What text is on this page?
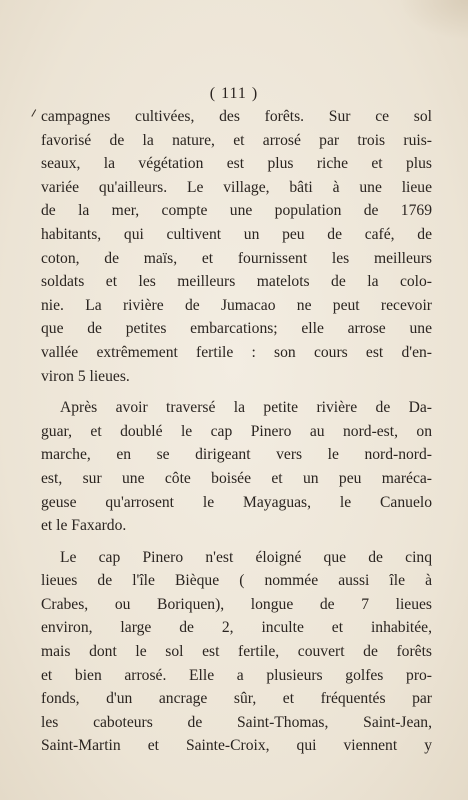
( 111 )
campagnes cultivées, des forêts. Sur ce sol
favorisé de la nature, et arrosé par trois ruis-
seaux, la végétation est plus riche et plus
variée qu'ailleurs. Le village, bâti à une lieue
de la mer, compte une population de 1769
habitants, qui cultivent un peu de café, de
coton, de maïs, et fournissent les meilleurs
soldats et les meilleurs matelots de la colo-
nie. La rivière de Jumacao ne peut recevoir
que de petites embarcations; elle arrose une
vallée extrêmement fertile : son cours est d'en-
viron 5 lieues.
Après avoir traversé la petite rivière de Da-
guar, et doublé le cap Pinero au nord-est, on
marche, en se dirigeant vers le nord-nord-
est, sur une côte boisée et un peu maréca-
geuse qu'arrosent le Mayaguas, le Canuelo
et le Faxardo.
Le cap Pinero n'est éloigné que de cinq
lieues de l'île Bièque ( nommée aussi île à
Crabes, ou Boriquen), longue de 7 lieues
environ, large de 2, inculte et inhabitée,
mais dont le sol est fertile, couvert de forêts
et bien arrosé. Elle a plusieurs golfes pro-
fonds, d'un ancrage sûr, et fréquentés par
les caboteurs de Saint-Thomas, Saint-Jean,
Saint-Martin et Sainte-Croix, qui viennent y
